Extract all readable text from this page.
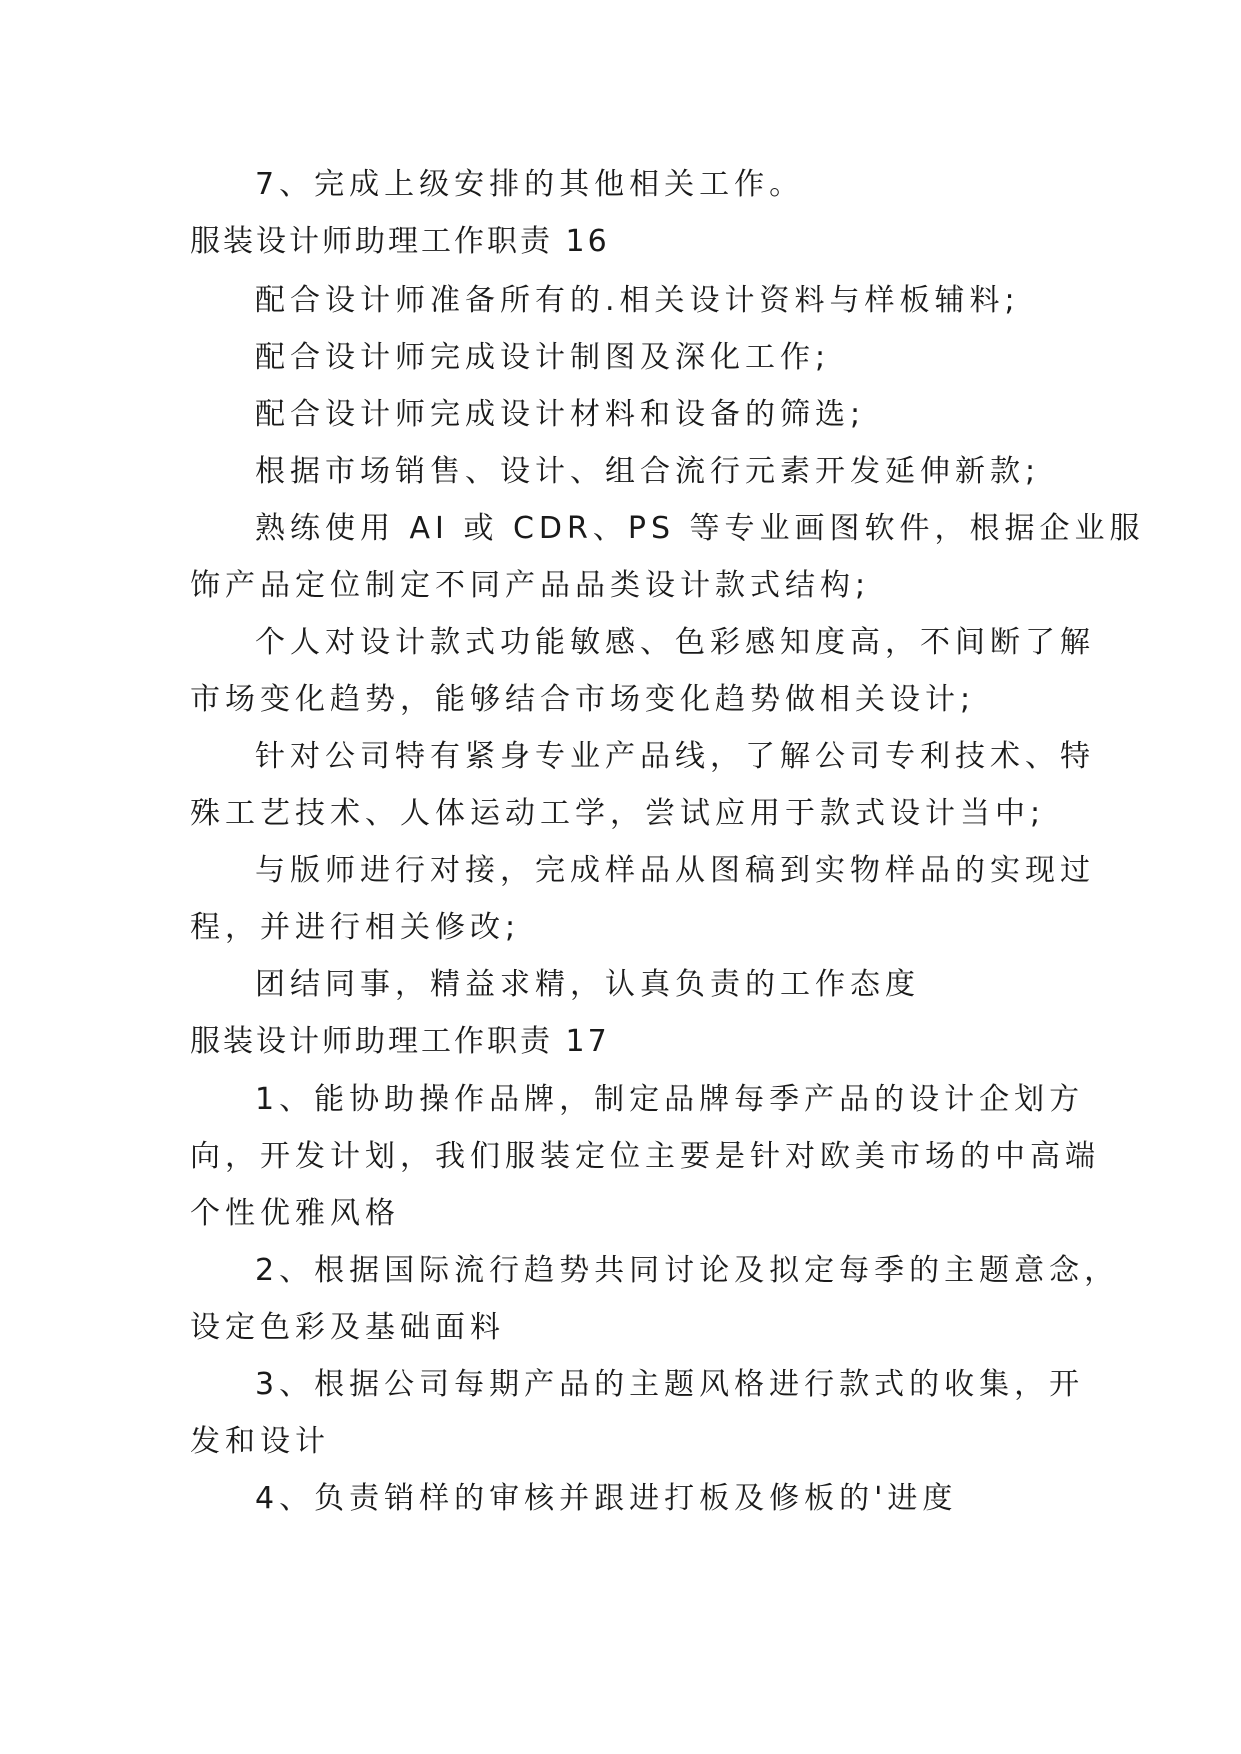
7、完成上级安排的其他相关工作。
服装设计师助理工作职责 16
配合设计师准备所有的.相关设计资料与样板辅料;
配合设计师完成设计制图及深化工作;
配合设计师完成设计材料和设备的筛选;
根据市场销售、设计、组合流行元素开发延伸新款;
熟练使用 AI 或 CDR、PS 等专业画图软件，根据企业服
饰产品定位制定不同产品品类设计款式结构;
个人对设计款式功能敏感、色彩感知度高，不间断了解
市场变化趋势，能够结合市场变化趋势做相关设计;
针对公司特有紧身专业产品线，了解公司专利技术、特
殊工艺技术、人体运动工学，尝试应用于款式设计当中;
与版师进行对接，完成样品从图稿到实物样品的实现过
程，并进行相关修改;
团结同事，精益求精，认真负责的工作态度
服装设计师助理工作职责 17
1、能协助操作品牌，制定品牌每季产品的设计企划方
向，开发计划，我们服装定位主要是针对欧美市场的中高端
个性优雅风格
2、根据国际流行趋势共同讨论及拟定每季的主题意念，
设定色彩及基础面料
3、根据公司每期产品的主题风格进行款式的收集，开
发和设计
4、负责销样的审核并跟进打板及修板的'进度
